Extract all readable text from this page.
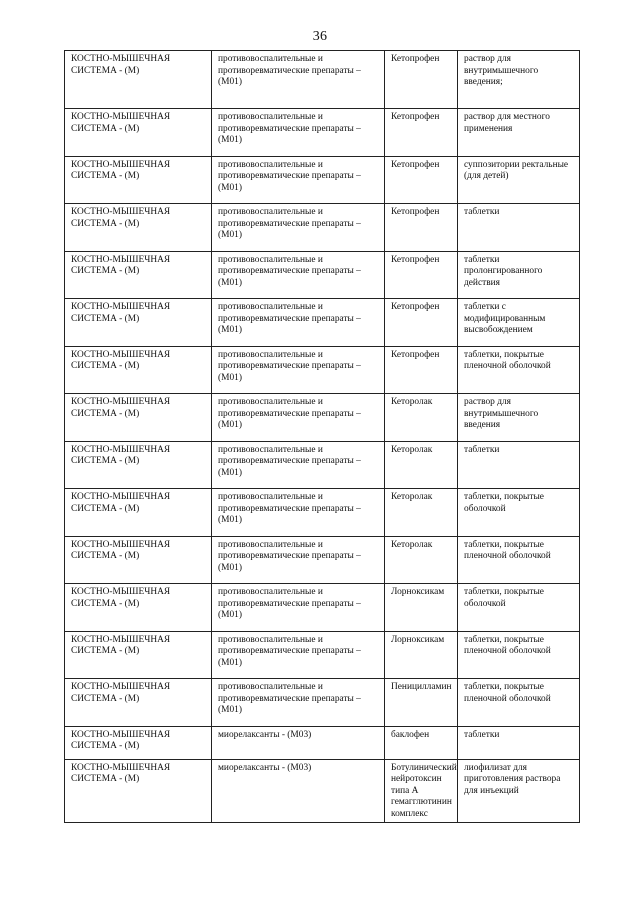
36
КОСТНО-МЫШЕЧНАЯ СИСТЕМА - (М)	противовоспалительные и противоревматические препараты – (М01)	Кетопрофен	раствор для внутримышечного введения;

КОСТНО-МЫШЕЧНАЯ СИСТЕМА - (М)	противовоспалительные и противоревматические препараты – (М01)	Кетопрофен	раствор для местного применения

КОСТНО-МЫШЕЧНАЯ СИСТЕМА - (М)	противовоспалительные и противоревматические препараты – (М01)	Кетопрофен	суппозитории ректальные (для детей)

КОСТНО-МЫШЕЧНАЯ СИСТЕМА - (М)	противовоспалительные и противоревматические препараты – (М01)	Кетопрофен	таблетки

КОСТНО-МЫШЕЧНАЯ СИСТЕМА - (М)	противовоспалительные и противоревматические препараты – (М01)	Кетопрофен	таблетки пролонгированного действия

КОСТНО-МЫШЕЧНАЯ СИСТЕМА - (М)	противовоспалительные и противоревматические препараты – (М01)	Кетопрофен	таблетки с модифицированным высвобождением

КОСТНО-МЫШЕЧНАЯ СИСТЕМА - (М)	противовоспалительные и противоревматические препараты – (М01)	Кетопрофен	таблетки, покрытые пленочной оболочкой

КОСТНО-МЫШЕЧНАЯ СИСТЕМА - (М)	противовоспалительные и противоревматические препараты – (М01)	Кеторолак	раствор для внутримышечного введения

КОСТНО-МЫШЕЧНАЯ СИСТЕМА - (М)	противовоспалительные и противоревматические препараты – (М01)	Кеторолак	таблетки

КОСТНО-МЫШЕЧНАЯ СИСТЕМА - (М)	противовоспалительные и противоревматические препараты – (М01)	Кеторолак	таблетки, покрытые оболочкой

КОСТНО-МЫШЕЧНАЯ СИСТЕМА - (М)	противовоспалительные и противоревматические препараты – (М01)	Кеторолак	таблетки, покрытые пленочной оболочкой

КОСТНО-МЫШЕЧНАЯ СИСТЕМА - (М)	противовоспалительные и противоревматические препараты – (М01)	Лорноксикам	таблетки, покрытые оболочкой

КОСТНО-МЫШЕЧНАЯ СИСТЕМА - (М)	противовоспалительные и противоревматические препараты – (М01)	Лорноксикам	таблетки, покрытые пленочной оболочкой

КОСТНО-МЫШЕЧНАЯ СИСТЕМА - (М)	противовоспалительные и противоревматические препараты – (М01)	Пеницилламин	таблетки, покрытые пленочной оболочкой

КОСТНО-МЫШЕЧНАЯ СИСТЕМА - (М)	миорелаксанты - (М03)	баклофен	таблетки

КОСТНО-МЫШЕЧНАЯ СИСТЕМА - (М)	миорелаксанты - (М03)	Ботулинический нейротоксин типа А гемагглютинин комплекс	лиофилизат для приготовления раствора для инъекций
